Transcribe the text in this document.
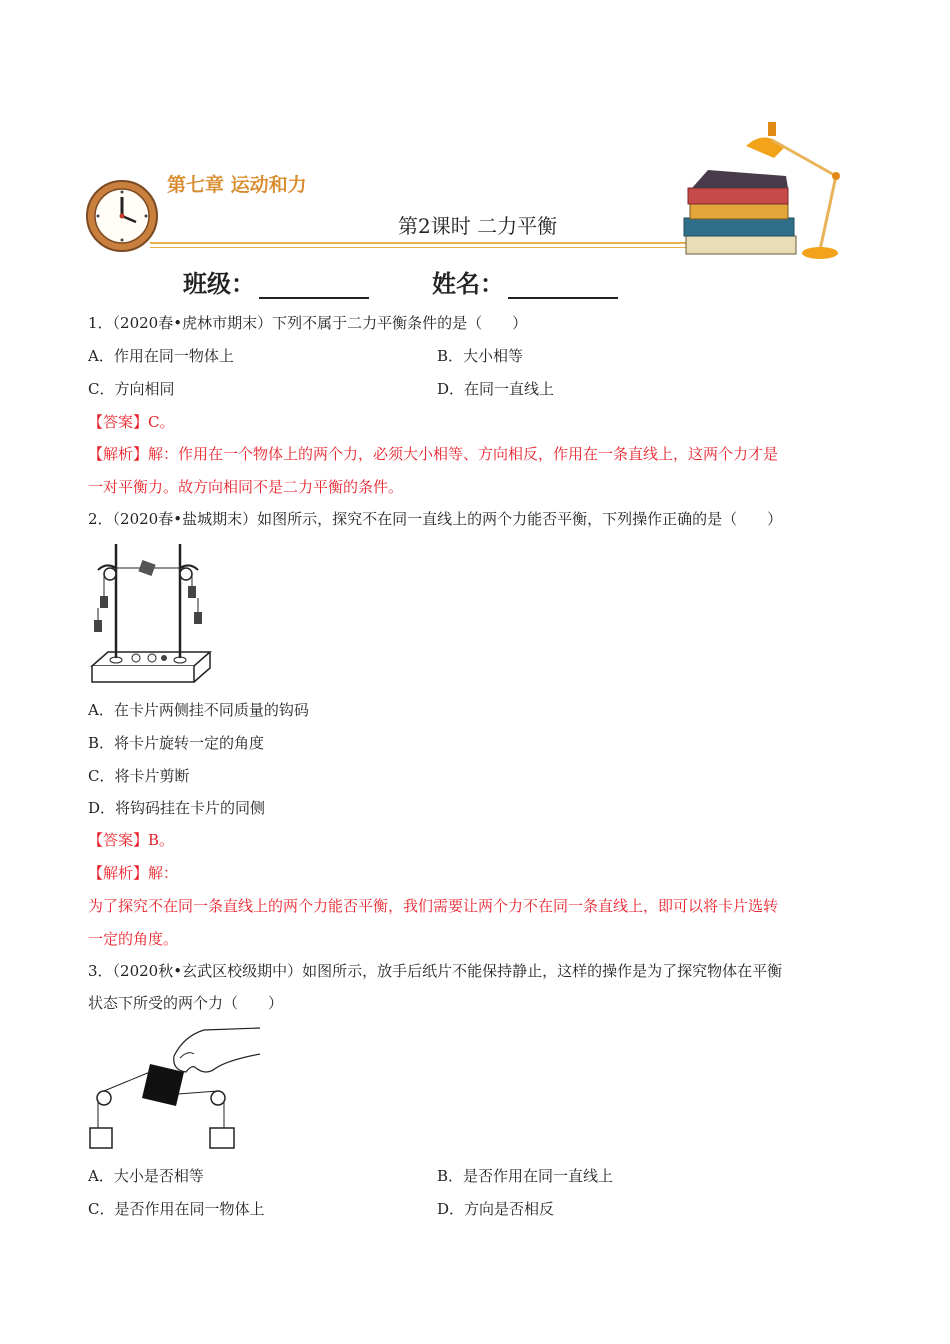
第七章 运动和力
第2课时 二力平衡
班级：	姓名：
1．（2020春•虎林市期末）下列不属于二力平衡条件的是（　　）
A．作用在同一物体上	B．大小相等
C．方向相同	D．在同一直线上
【答案】C。
【解析】解：作用在一个物体上的两个力，必须大小相等、方向相反，作用在一条直线上，这两个力才是
一对平衡力。故方向相同不是二力平衡的条件。
2．（2020春•盐城期末）如图所示，探究不在同一直线上的两个力能否平衡，下列操作正确的是（　　）
A．在卡片两侧挂不同质量的钩码
B．将卡片旋转一定的角度
C．将卡片剪断
D．将钩码挂在卡片的同侧
【答案】B。
【解析】解：
为了探究不在同一条直线上的两个力能否平衡，我们需要让两个力不在同一条直线上，即可以将卡片选转
一定的角度。
3．（2020秋•玄武区校级期中）如图所示，放手后纸片不能保持静止，这样的操作是为了探究物体在平衡
状态下所受的两个力（　　）
A．大小是否相等	B．是否作用在同一直线上
C．是否作用在同一物体上	D．方向是否相反
